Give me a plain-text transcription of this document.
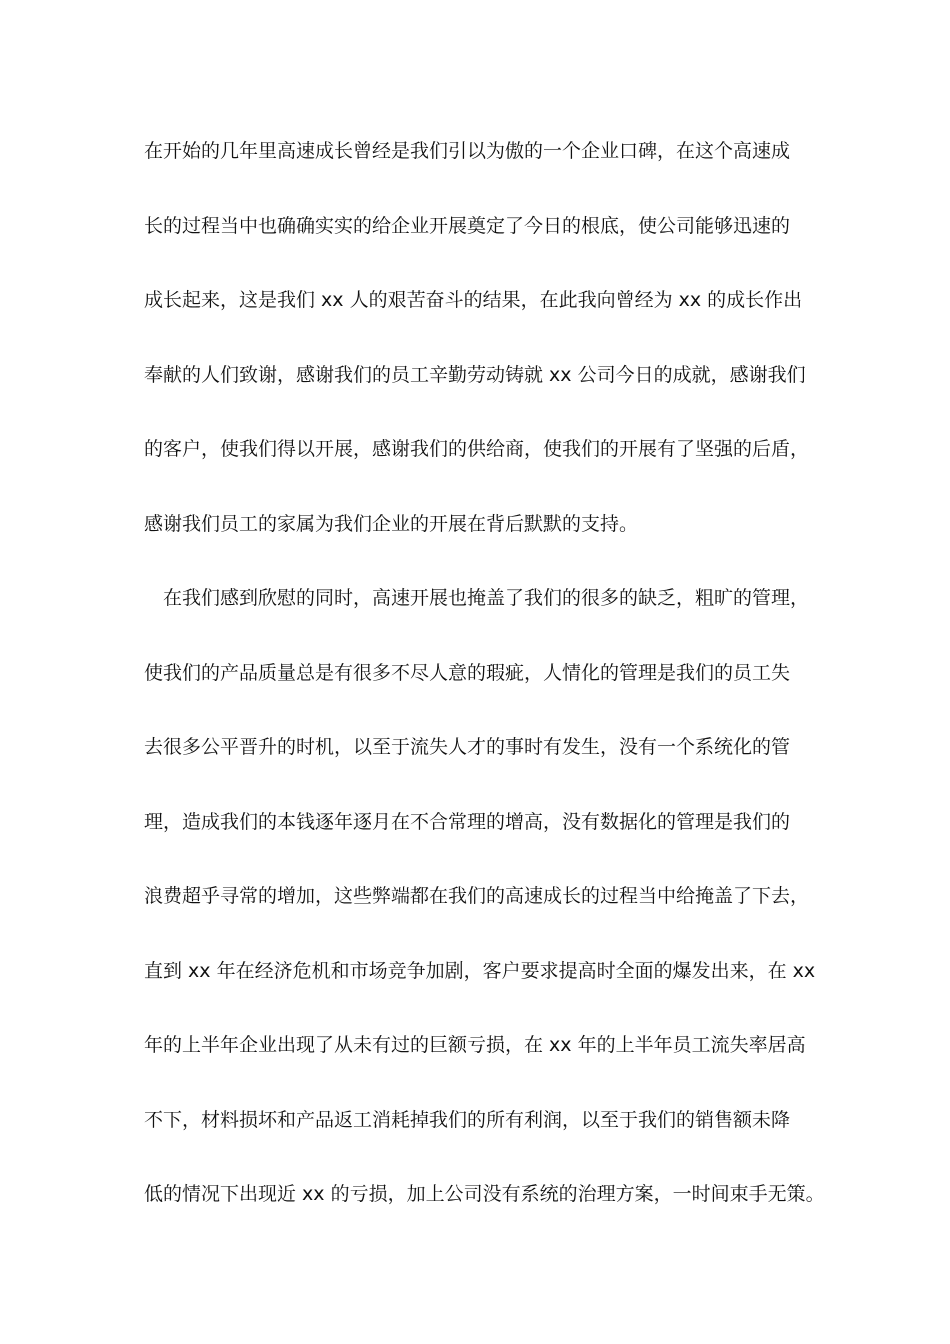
在开始的几年里高速成长曾经是我们引以为傲的一个企业口碑，在这个高速成
长的过程当中也确确实实的给企业开展奠定了今日的根底，使公司能够迅速的
成长起来，这是我们 xx 人的艰苦奋斗的结果，在此我向曾经为 xx 的成长作出
奉献的人们致谢，感谢我们的员工辛勤劳动铸就 xx 公司今日的成就，感谢我们
的客户，使我们得以开展，感谢我们的供给商，使我们的开展有了坚强的后盾，
感谢我们员工的家属为我们企业的开展在背后默默的支持。
在我们感到欣慰的同时，高速开展也掩盖了我们的很多的缺乏，粗旷的管理，
使我们的产品质量总是有很多不尽人意的瑕疵，人情化的管理是我们的员工失
去很多公平晋升的时机，以至于流失人才的事时有发生，没有一个系统化的管
理，造成我们的本钱逐年逐月在不合常理的增高，没有数据化的管理是我们的
浪费超乎寻常的增加，这些弊端都在我们的高速成长的过程当中给掩盖了下去，
直到 xx 年在经济危机和市场竞争加剧，客户要求提高时全面的爆发出来，在 xx
年的上半年企业出现了从未有过的巨额亏损，在 xx 年的上半年员工流失率居高
不下，材料损坏和产品返工消耗掉我们的所有利润，以至于我们的销售额未降
低的情况下出现近 xx 的亏损，加上公司没有系统的治理方案，一时间束手无策。
